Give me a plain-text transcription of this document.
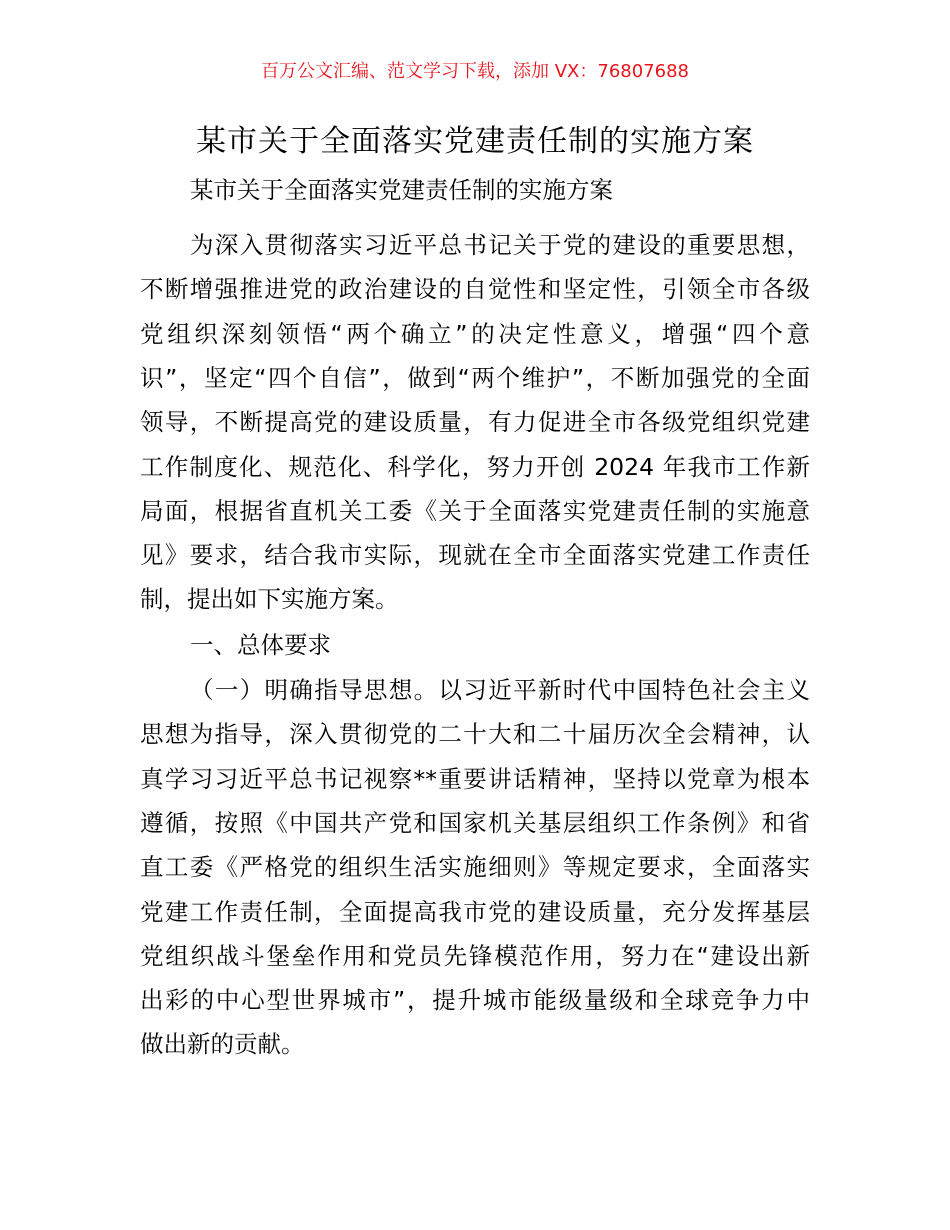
百万公文汇编、范文学习下载，添加 VX：76807688
某市关于全面落实党建责任制的实施方案
某市关于全面落实党建责任制的实施方案
为深入贯彻落实习近平总书记关于党的建设的重要思想，
不断增强推进党的政治建设的自觉性和坚定性，引领全市各级
党组织深刻领悟“两个确立”的决定性意义，增强“四个意
识”，坚定“四个自信”，做到“两个维护”，不断加强党的全面
领导，不断提高党的建设质量，有力促进全市各级党组织党建
工作制度化、规范化、科学化，努力开创 2024 年我市工作新
局面，根据省直机关工委《关于全面落实党建责任制的实施意
见》要求，结合我市实际，现就在全市全面落实党建工作责任
制，提出如下实施方案。
一、总体要求
（一）明确指导思想。以习近平新时代中国特色社会主义
思想为指导，深入贯彻党的二十大和二十届历次全会精神，认
真学习习近平总书记视察**重要讲话精神，坚持以党章为根本
遵循，按照《中国共产党和国家机关基层组织工作条例》和省
直工委《严格党的组织生活实施细则》等规定要求，全面落实
党建工作责任制，全面提高我市党的建设质量，充分发挥基层
党组织战斗堡垒作用和党员先锋模范作用，努力在“建设出新
出彩的中心型世界城市”，提升城市能级量级和全球竞争力中
做出新的贡献。
